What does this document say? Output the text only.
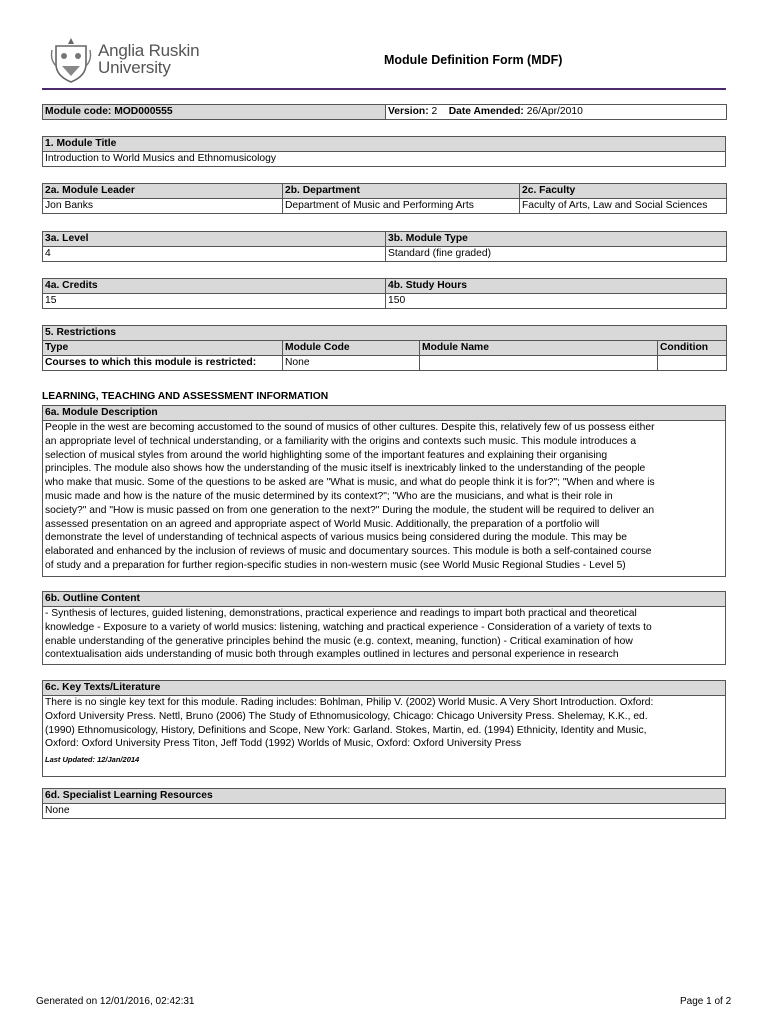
Anglia Ruskin
University	Module Definition Form (MDF)
Module code: MOD000555	Version: 2 Date Amended: 26/Apr/2010
1. Module Title
Introduction to World Musics and Ethnomusicology
2a. Module Leader	2b. Department	2c. Faculty
Jon Banks	Department of Music and Performing Arts	Faculty of Arts, Law and Social Sciences
3a. Level	3b. Module Type
4	Standard (fine graded)
4a. Credits	4b. Study Hours
15	150
5. Restrictions			
Type	Module Code	Module Name	Condition
Courses to which this module is restricted:	None		
LEARNING, TEACHING AND ASSESSMENT INFORMATION
6a. Module Description
People in the west are becoming accustomed to the sound of musics of other cultures. Despite this, relatively few of us possess either
an appropriate level of technical understanding, or a familiarity with the origins and contexts such music. This module introduces a
selection of musical styles from around the world highlighting some of the important features and explaining their organising
principles. The module also shows how the understanding of the music itself is inextricably linked to the understanding of the people
who make that music. Some of the questions to be asked are "What is music, and what do people think it is for?"; "When and where is
music made and how is the nature of the music determined by its context?"; "Who are the musicians, and what is their role in
society?" and "How is music passed on from one generation to the next?" During the module, the student will be required to deliver an
assessed presentation on an agreed and appropriate aspect of World Music. Additionally, the preparation of a portfolio will
demonstrate the level of understanding of technical aspects of various musics being considered during the module. This may be
elaborated and enhanced by the inclusion of reviews of music and documentary sources. This module is both a self-contained course
of study and a preparation for further region-specific studies in non-western music (see World Music Regional Studies - Level 5)
6b. Outline Content
- Synthesis of lectures, guided listening, demonstrations, practical experience and readings to impart both practical and theoretical
knowledge - Exposure to a variety of world musics: listening, watching and practical experience - Consideration of a variety of texts to
enable understanding of the generative principles behind the music (e.g. context, meaning, function) - Critical examination of how
contextualisation aids understanding of music both through examples outlined in lectures and personal experience in research
6c. Key Texts/Literature
There is no single key text for this module. Rading includes: Bohlman, Philip V. (2002) World Music. A Very Short Introduction. Oxford:
Oxford University Press. Nettl, Bruno (2006) The Study of Ethnomusicology, Chicago: Chicago University Press. Shelemay, K.K., ed.
(1990) Ethnomusicology, History, Definitions and Scope, New York: Garland. Stokes, Martin, ed. (1994) Ethnicity, Identity and Music,
Oxford: Oxford University Press Titon, Jeff Todd (1992) Worlds of Music, Oxford: Oxford University Press
Last Updated: 12/Jan/2014
6d. Specialist Learning Resources
None
Generated on 12/01/2016, 02:42:31	Page 1 of 2
